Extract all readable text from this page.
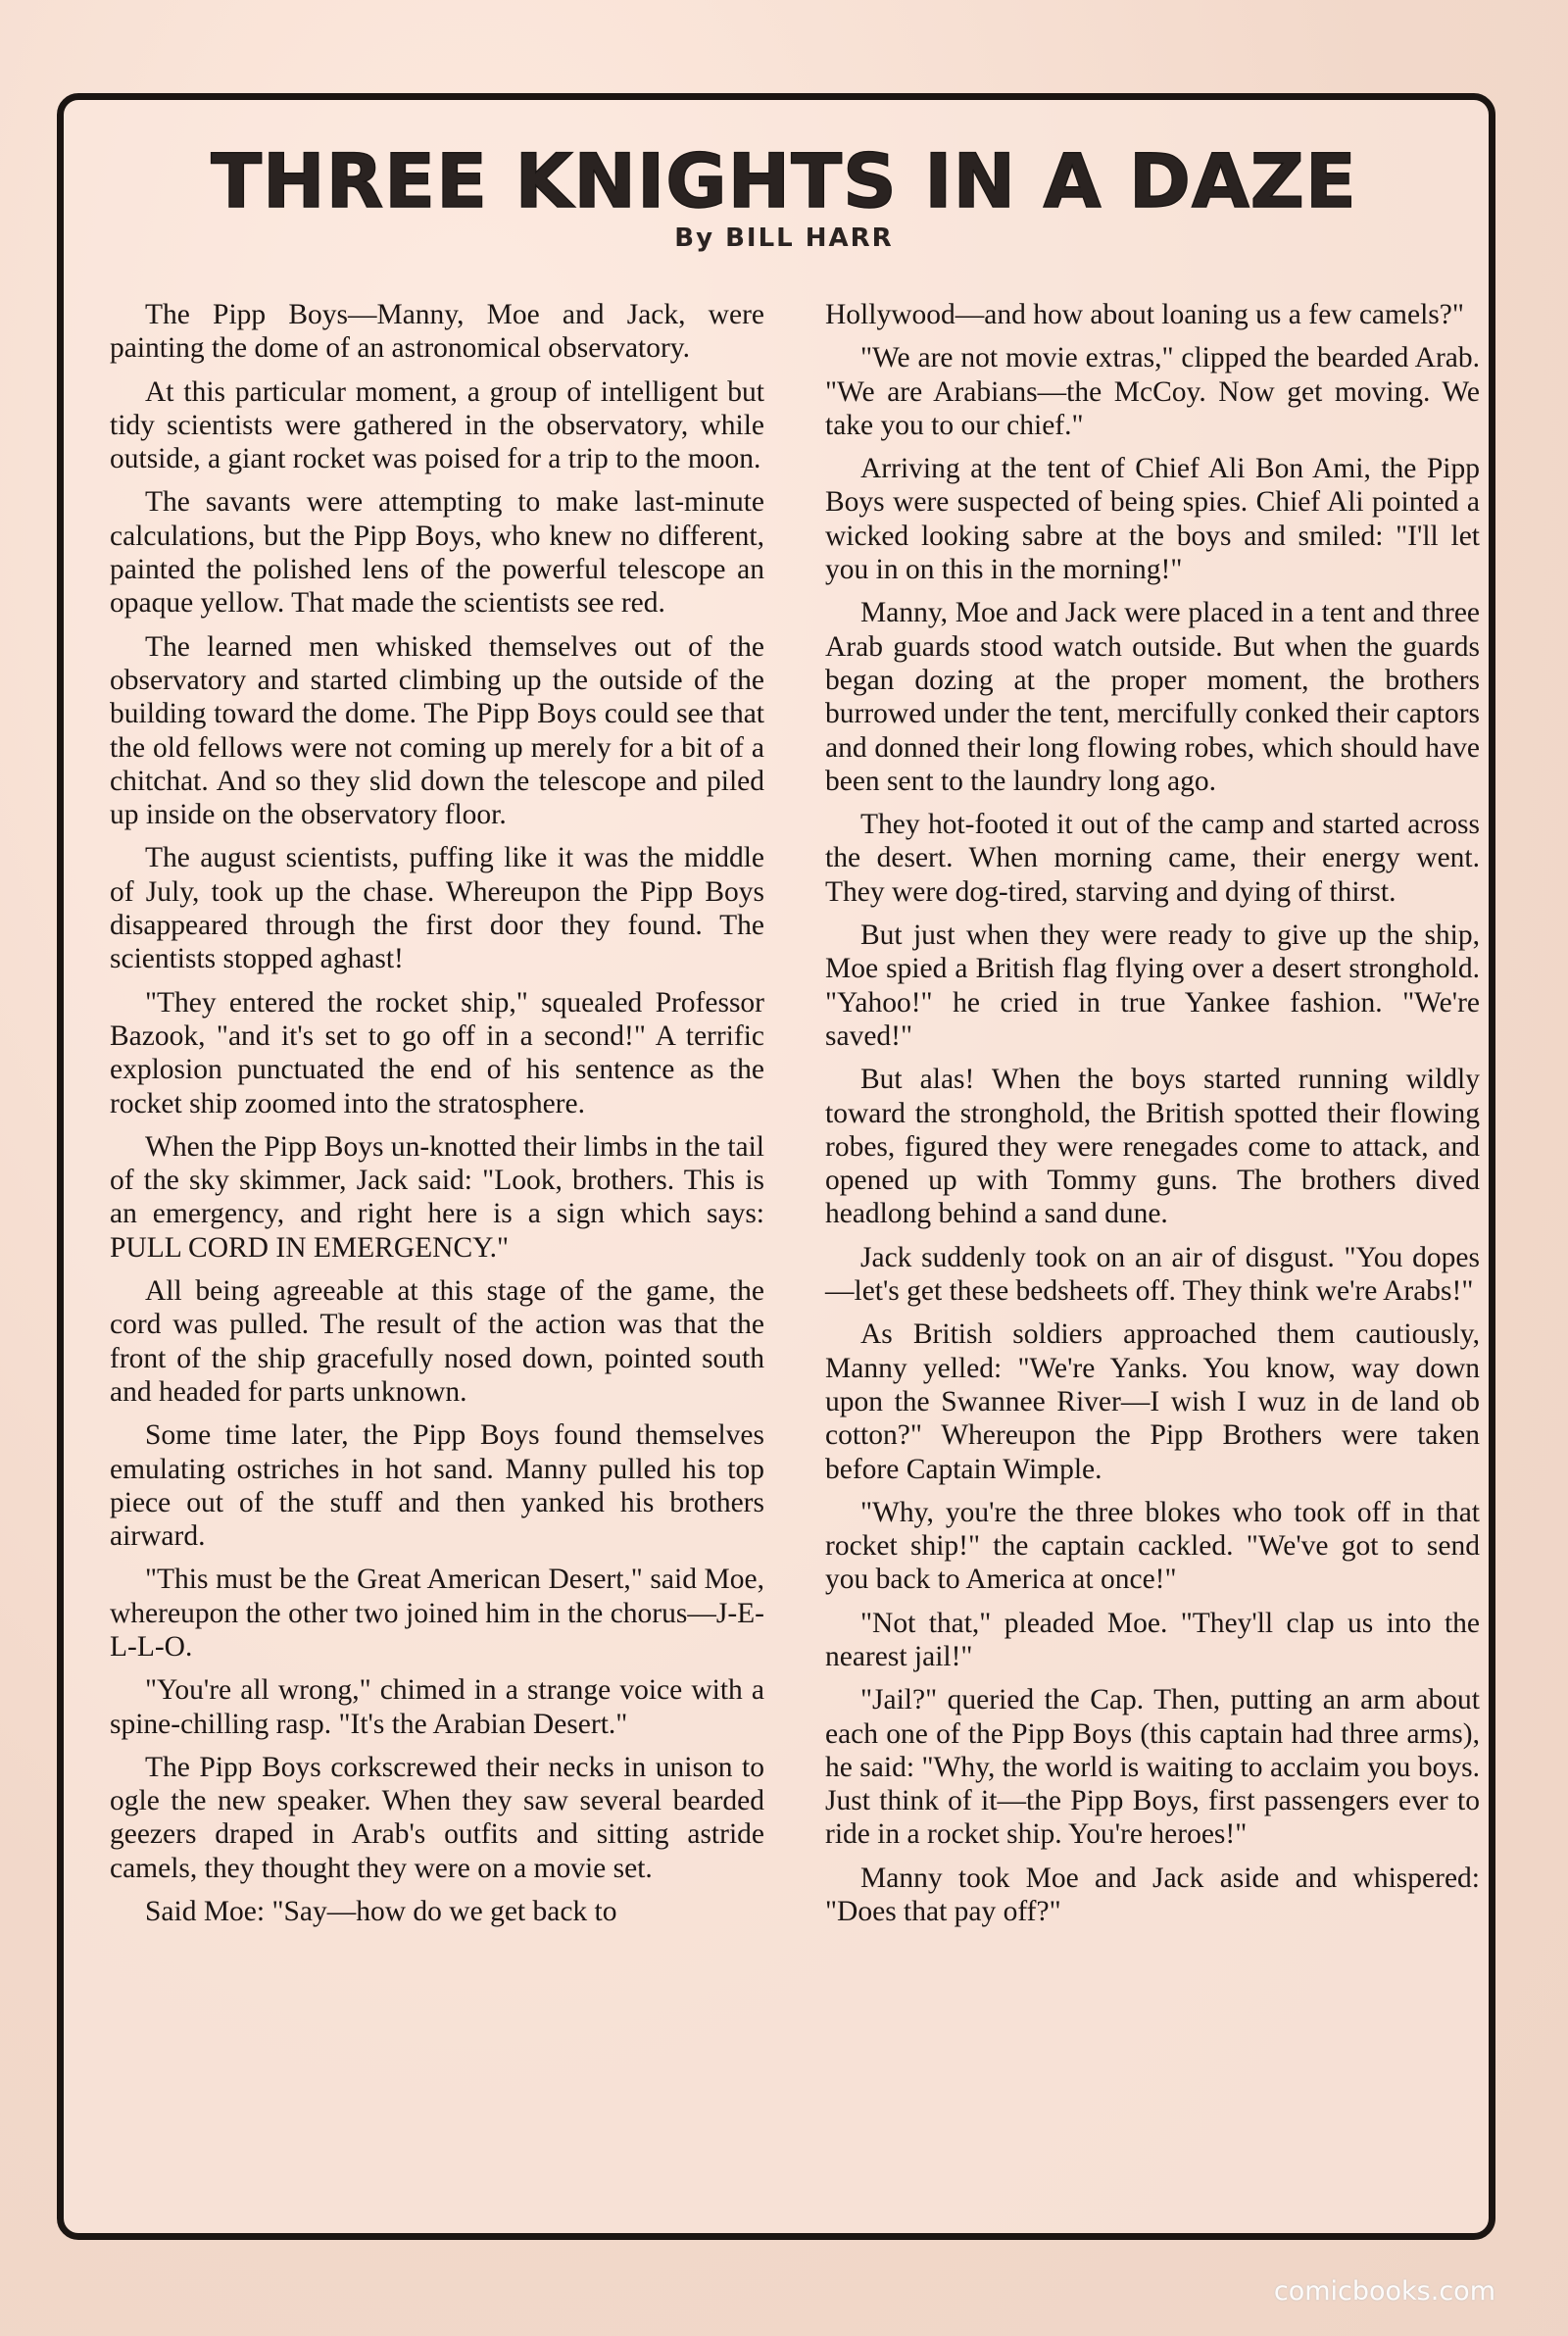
THREE KNIGHTS IN A DAZE
By BILL HARR

The Pipp Boys—Manny, Moe and Jack, were painting the dome of an astronomical observatory.

At this particular moment, a group of intelligent but tidy scientists were gathered in the observatory, while outside, a giant rocket was poised for a trip to the moon.

The savants were attempting to make last-minute calculations, but the Pipp Boys, who knew no different, painted the polished lens of the powerful telescope an opaque yellow. That made the scientists see red.

The learned men whisked themselves out of the observatory and started climbing up the outside of the building toward the dome. The Pipp Boys could see that the old fellows were not coming up merely for a bit of a chitchat. And so they slid down the telescope and piled up inside on the observatory floor.

The august scientists, puffing like it was the middle of July, took up the chase. Whereupon the Pipp Boys disappeared through the first door they found. The scientists stopped aghast!

"They entered the rocket ship," squealed Professor Bazook, "and it's set to go off in a second!" A terrific explosion punctuated the end of his sentence as the rocket ship zoomed into the stratosphere.

When the Pipp Boys un-knotted their limbs in the tail of the sky skimmer, Jack said: "Look, brothers. This is an emergency, and right here is a sign which says: PULL CORD IN EMERGENCY."

All being agreeable at this stage of the game, the cord was pulled. The result of the action was that the front of the ship gracefully nosed down, pointed south and headed for parts unknown.

Some time later, the Pipp Boys found themselves emulating ostriches in hot sand. Manny pulled his top piece out of the stuff and then yanked his brothers airward.

"This must be the Great American Desert," said Moe, whereupon the other two joined him in the chorus—J-E-L-L-O.

"You're all wrong," chimed in a strange voice with a spine-chilling rasp. "It's the Arabian Desert."

The Pipp Boys corkscrewed their necks in unison to ogle the new speaker. When they saw several bearded geezers draped in Arab's outfits and sitting astride camels, they thought they were on a movie set.

Said Moe: "Say—how do we get back to

Hollywood—and how about loaning us a few camels?"

"We are not movie extras," clipped the bearded Arab. "We are Arabians—the McCoy. Now get moving. We take you to our chief."

Arriving at the tent of Chief Ali Bon Ami, the Pipp Boys were suspected of being spies. Chief Ali pointed a wicked looking sabre at the boys and smiled: "I'll let you in on this in the morning!"

Manny, Moe and Jack were placed in a tent and three Arab guards stood watch outside. But when the guards began dozing at the proper moment, the brothers burrowed under the tent, mercifully conked their captors and donned their long flowing robes, which should have been sent to the laundry long ago.

They hot-footed it out of the camp and started across the desert. When morning came, their energy went. They were dog-tired, starving and dying of thirst.

But just when they were ready to give up the ship, Moe spied a British flag flying over a desert stronghold. "Yahoo!" he cried in true Yankee fashion. "We're saved!"

But alas! When the boys started running wildly toward the stronghold, the British spotted their flowing robes, figured they were renegades come to attack, and opened up with Tommy guns. The brothers dived headlong behind a sand dune.

Jack suddenly took on an air of disgust. "You dopes—let's get these bedsheets off. They think we're Arabs!"

As British soldiers approached them cautiously, Manny yelled: "We're Yanks. You know, way down upon the Swannee River—I wish I wuz in de land ob cotton?" Whereupon the Pipp Brothers were taken before Captain Wimple.

"Why, you're the three blokes who took off in that rocket ship!" the captain cackled. "We've got to send you back to America at once!"

"Not that," pleaded Moe. "They'll clap us into the nearest jail!"

"Jail?" queried the Cap. Then, putting an arm about each one of the Pipp Boys (this captain had three arms), he said: "Why, the world is waiting to acclaim you boys. Just think of it—the Pipp Boys, first passengers ever to ride in a rocket ship. You're heroes!"

Manny took Moe and Jack aside and whispered: "Does that pay off?"

comicbooks.com
